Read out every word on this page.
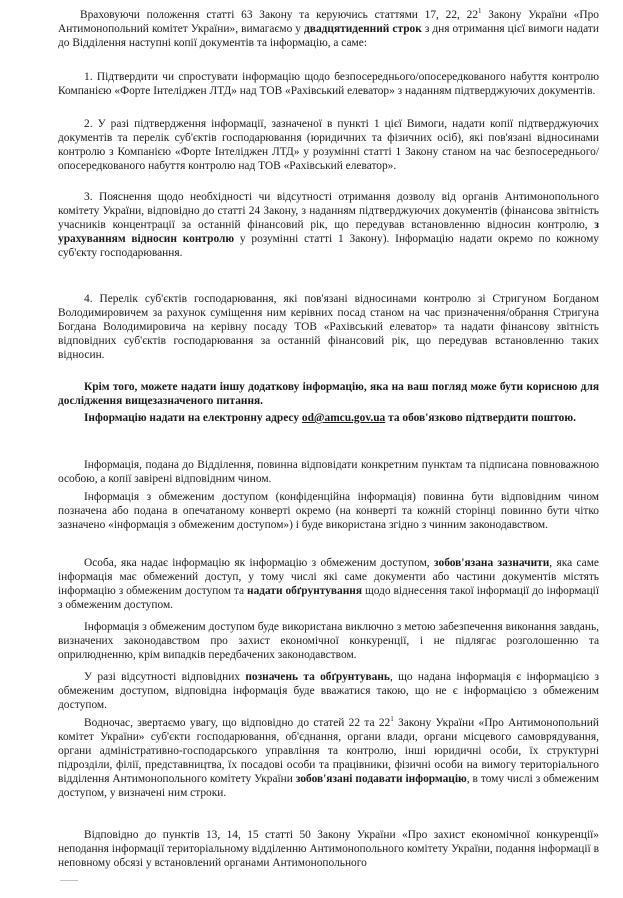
Враховуючи положення статті 63 Закону та керуючись статтями 17, 22, $22^1$ Закону України «Про Антимонопольний комітет України», вимагаємо у двадцятиденний строк з дня отримання цієї вимоги надати до Відділення наступні копії документів та інформацію, а саме:

1. Підтвердити чи спростувати інформацію щодо безпосереднього/опосередкованого набуття контролю Компанією «Форте Інтеліджен ЛТД» над ТОВ «Рахівський елеватор» з наданням підтверджуючих документів.

2. У разі підтвердження інформації, зазначеної в пункті 1 цієї Вимоги, надати копії підтверджуючих документів та перелік суб'єктів господарювання (юридичних та фізичних осіб), які пов'язані відносинами контролю з Компанією «Форте Інтеліджен ЛТД» у розумінні статті 1 Закону станом на час безпосереднього/опосередкованого набуття контролю над ТОВ «Рахівський елеватор».

3. Пояснення щодо необхідності чи відсутності отримання дозволу від органів Антимонопольного комітету України, відповідно до статті 24 Закону, з наданням підтверджуючих документів (фінансова звітність учасників концентрації за останній фінансовий рік, що передував встановленню відносин контролю, з урахуванням відносин контролю у розумінні статті 1 Закону). Інформацію надати окремо по кожному суб'єкту господарювання.

4. Перелік суб'єктів господарювання, які пов'язані відносинами контролю зі Стригуном Богданом Володимировичем за рахунок суміщення ним керівних посад станом на час призначення/обрання Стригуна Богдана Володимировича на керівну посаду ТОВ «Рахівський елеватор» та надати фінансову звітність відповідних суб'єктів господарювання за останній фінансовий рік, що передував встановленню таких відносин.

Крім того, можете надати іншу додаткову інформацію, яка на ваш погляд може бути корисною для дослідження вищезазначеного питання.

Інформацію надати на електронну адресу od@amcu.gov.ua та обов'язково підтвердити поштою.

Інформація, подана до Відділення, повинна відповідати конкретним пунктам та підписана повноважною особою, а копії завірені відповідним чином.

Інформація з обмеженим доступом (конфіденційна інформація) повинна бути відповідним чином позначена або подана в опечатаному конверті окремо (на конверті та кожній сторінці повинно бути чітко зазначено «інформація з обмеженим доступом») і буде використана згідно з чинним законодавством.

Особа, яка надає інформацію як інформацію з обмеженим доступом, зобов'язана зазначити, яка саме інформація має обмежений доступ, у тому числі які саме документи або частини документів містять інформацію з обмеженим доступом та надати обґрунтування щодо віднесення такої інформації до інформації з обмеженим доступом.

Інформація з обмеженим доступом буде використана виключно з метою забезпечення виконання завдань, визначених законодавством про захист економічної конкуренції, і не підлягає розголошенню та оприлюдненню, крім випадків передбачених законодавством.

У разі відсутності відповідних позначень та обґрунтувань, що надана інформація є інформацією з обмеженим доступом, відповідна інформація буде вважатися такою, що не є інформацією з обмеженим доступом.

Водночас, звертаємо увагу, що відповідно до статей 22 та $22^1$ Закону України «Про Антимонопольний комітет України» суб'єкти господарювання, об'єднання, органи влади, органи місцевого самоврядування, органи адміністративно-господарського управління та контролю, інші юридичні особи, їх структурні підрозділи, філії, представництва, їх посадові особи та працівники, фізичні особи на вимогу територіального відділення Антимонопольного комітету України зобов'язані подавати інформацію, в тому числі з обмеженим доступом, у визначені ним строки.

Відповідно до пунктів 13, 14, 15 статті 50 Закону України «Про захист економічної конкуренції» неподання інформації територіальному відділенню Антимонопольного комітету України, подання інформації в неповному обсязі у встановлений органами Антимонопольного
